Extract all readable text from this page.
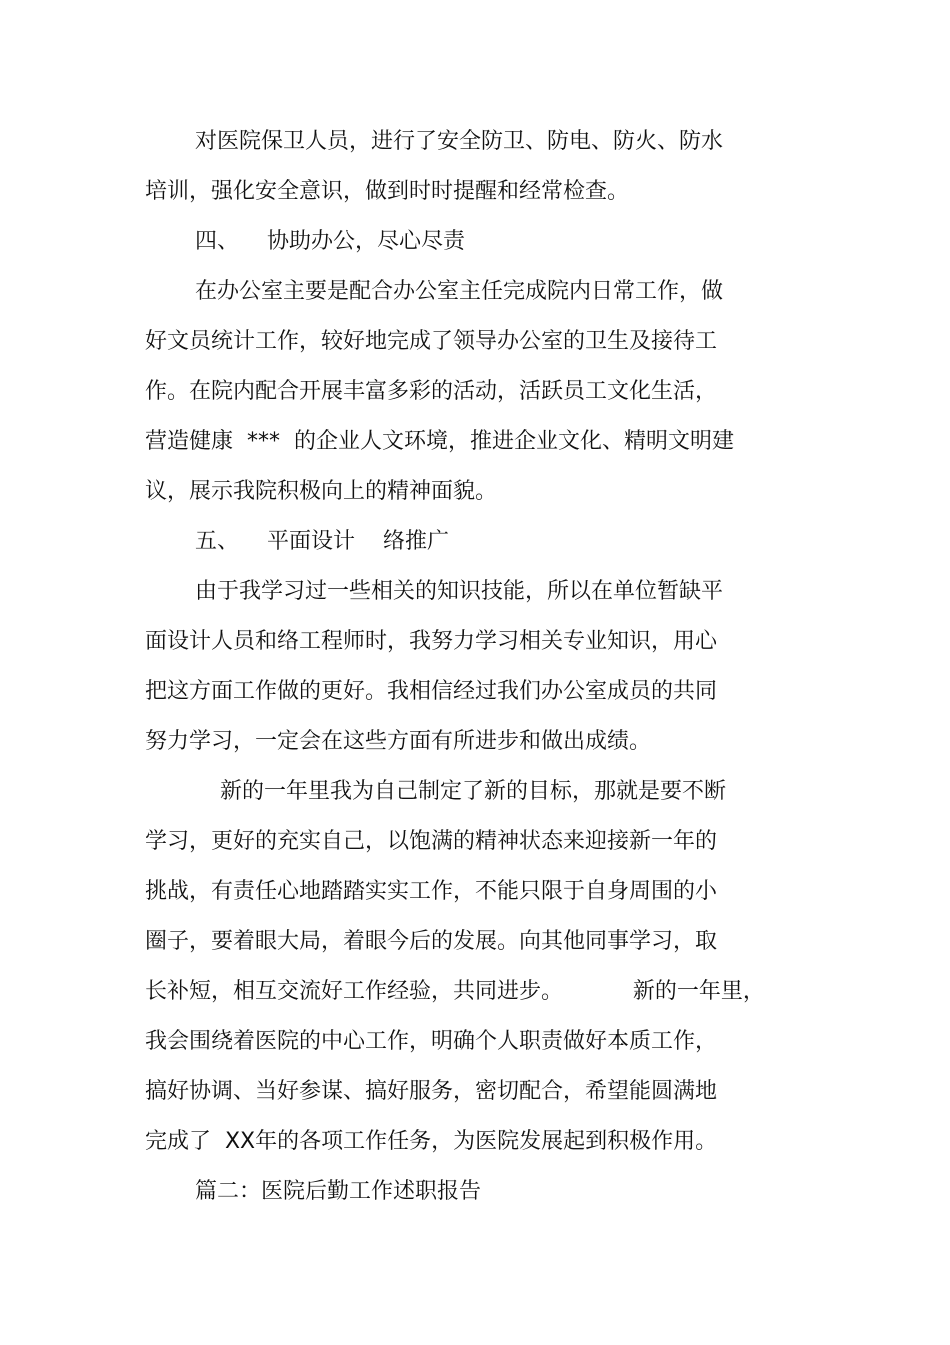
对医院保卫人员，进行了安全防卫、防电、防火、防水
培训，强化安全意识，做到时时提醒和经常检查。
四、    协助办公，尽心尽责
在办公室主要是配合办公室主任完成院内日常工作，做
好文员统计工作，较好地完成了领导办公室的卫生及接待工
作。在院内配合开展丰富多彩的活动，活跃员工文化生活，
营造健康  ***  的企业人文环境，推进企业文化、精明文明建
议，展示我院积极向上的精神面貌。
五、    平面设计    络推广
由于我学习过一些相关的知识技能，所以在单位暂缺平
面设计人员和络工程师时，我努力学习相关专业知识，用心
把这方面工作做的更好。我相信经过我们办公室成员的共同
努力学习，一定会在这些方面有所进步和做出成绩。
新的一年里我为自己制定了新的目标，那就是要不断
学习，更好的充实自己，以饱满的精神状态来迎接新一年的
挑战，有责任心地踏踏实实工作，不能只限于自身周围的小
圈子，要着眼大局，着眼今后的发展。向其他同事学习，取
长补短，相互交流好工作经验，共同进步。          新的一年里，
我会围绕着医院的中心工作，明确个人职责做好本质工作，
搞好协调、当好参谋、搞好服务，密切配合，希望能圆满地
完成了  XX年的各项工作任务，为医院发展起到积极作用。
篇二：医院后勤工作述职报告
